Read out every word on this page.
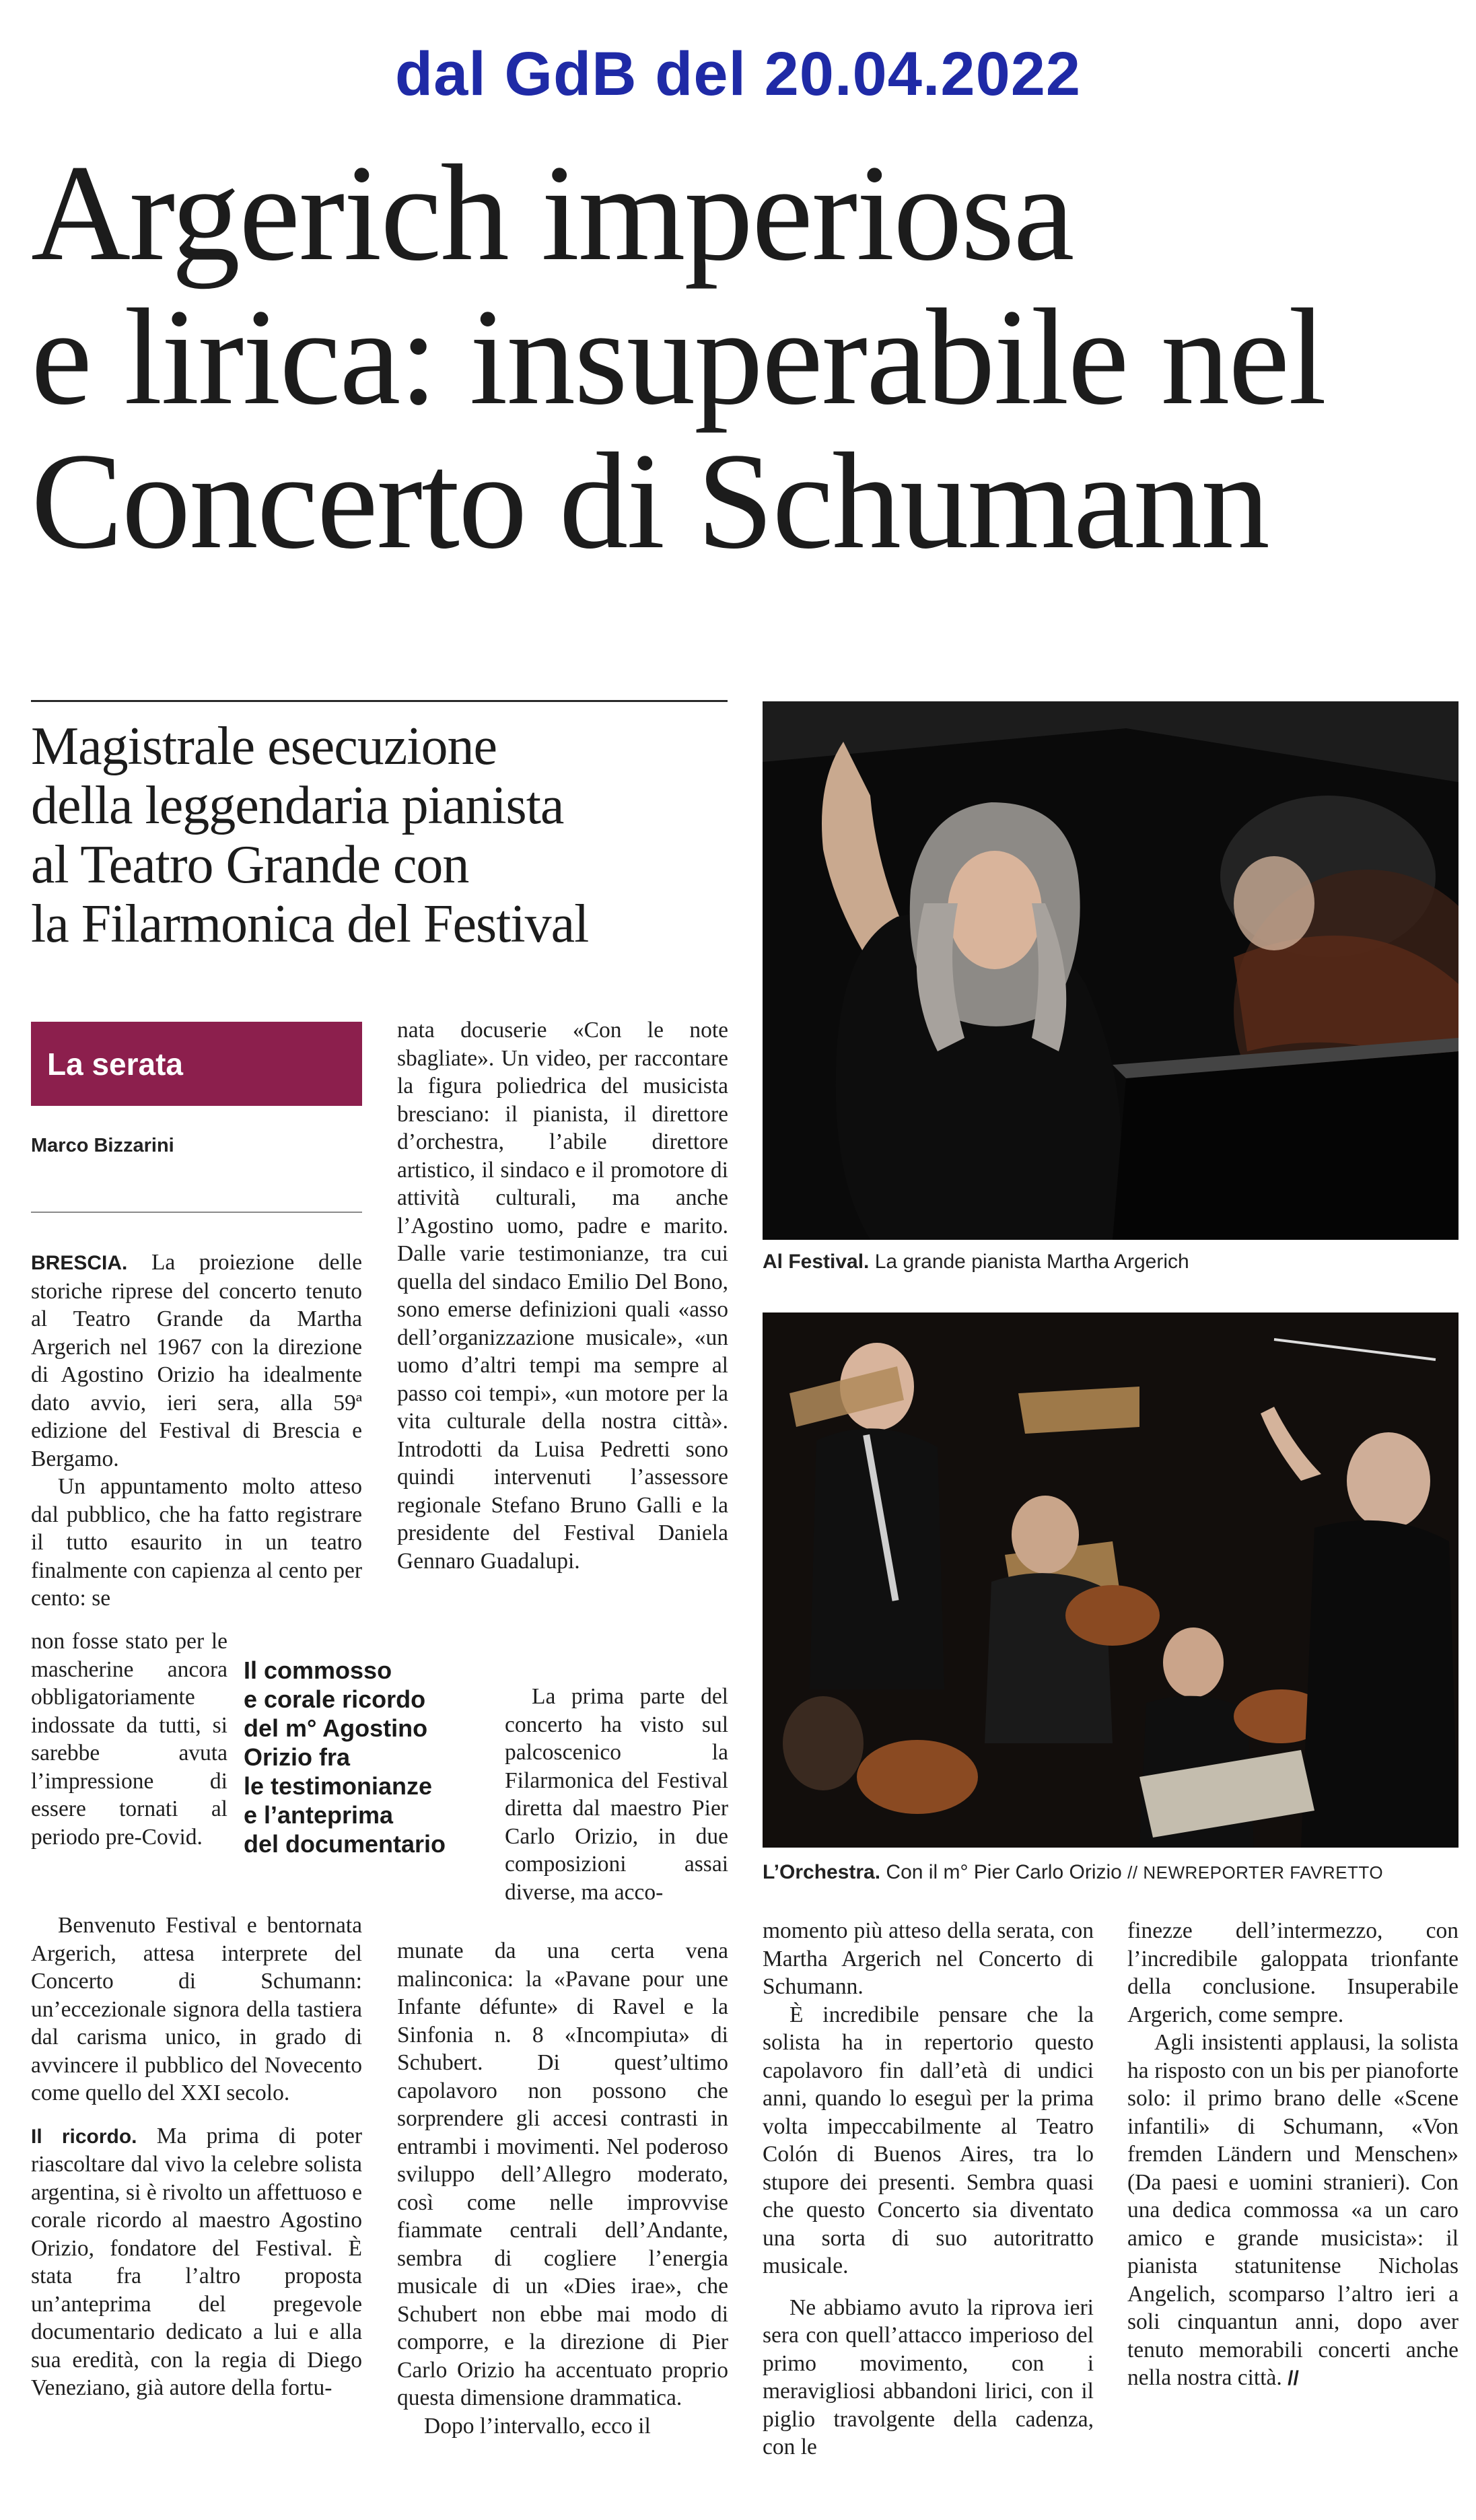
dal GdB del 20.04.2022
Argerich imperiosa
e lirica: insuperabile nel
Concerto di Schumann
Magistrale esecuzione
della leggendaria pianista
al Teatro Grande con
la Filarmonica del Festival
La serata
Marco Bizzarini

BRESCIA. La proiezione delle storiche riprese del concerto tenuto al Teatro Grande da Martha Argerich nel 1967 con la direzione di Agostino Orizio ha idealmente dato avvio, ieri sera, alla 59ª edizione del Festival di Brescia e Bergamo.

Un appuntamento molto atteso dal pubblico, che ha fatto registrare il tutto esaurito in un teatro finalmente con capienza al cento per cento: se

non fosse stato per le mascherine ancora obbligatoriamente indossate da tutti, si sarebbe avuta l’impressione di essere tornati al periodo pre-Covid.

Benvenuto Festival e bentornata Argerich, attesa interprete del Concerto di Schumann: un’eccezionale signora della tastiera dal carisma unico, in grado di avvincere il pubblico del Novecento come quello del XXI secolo.

Il ricordo. Ma prima di poter riascoltare dal vivo la celebre solista argentina, si è rivolto un affettuoso e corale ricordo al maestro Agostino Orizio, fondatore del Festival. È stata fra l’altro proposta un’anteprima del pregevole documentario dedicato a lui e alla sua eredità, con la regia di Diego Veneziano, già autore della fortu-

Il commosso
e corale ricordo
del m° Agostino
Orizio fra
le testimonianze
e l’anteprima
del documentario

nata docuserie «Con le note sbagliate». Un video, per raccontare la figura poliedrica del musicista bresciano: il pianista, il direttore d’orchestra, l’abile direttore artistico, il sindaco e il promotore di attività culturali, ma anche l’Agostino uomo, padre e marito. Dalle varie testimonianze, tra cui quella del sindaco Emilio Del Bono, sono emerse definizioni quali «asso dell’organizzazione musicale», «un uomo d’altri tempi ma sempre al passo coi tempi», «un motore per la vita culturale della nostra città». Introdotti da Luisa Pedretti sono quindi intervenuti l’assessore regionale Stefano Bruno Galli e la presidente del Festival Daniela Gennaro Guadalupi.

La prima parte del concerto ha visto sul palcoscenico la Filarmonica del Festival diretta dal maestro Pier Carlo Orizio, in due composizioni assai diverse, ma acco-

munate da una certa vena malinconica: la «Pavane pour une Infante défunte» di Ravel e la Sinfonia n. 8 «Incompiuta» di Schubert. Di quest’ultimo capolavoro non possono che sorprendere gli accesi contrasti in entrambi i movimenti. Nel poderoso sviluppo dell’Allegro moderato, così come nelle improvvise fiammate centrali dell’Andante, sembra di cogliere l’energia musicale di un «Dies irae», che Schubert non ebbe mai modo di comporre, e la direzione di Pier Carlo Orizio ha accentuato proprio questa dimensione drammatica.

Dopo l’intervallo, ecco il

Al Festival. La grande pianista Martha Argerich
L’Orchestra. Con il m° Pier Carlo Orizio // NEWREPORTER FAVRETTO

momento più atteso della serata, con Martha Argerich nel Concerto di Schumann.

È incredibile pensare che la solista ha in repertorio questo capolavoro fin dall’età di undici anni, quando lo eseguì per la prima volta impeccabilmente al Teatro Colón di Buenos Aires, tra lo stupore dei presenti. Sembra quasi che questo Concerto sia diventato una sorta di suo autoritratto musicale.

Ne abbiamo avuto la riprova ieri sera con quell’attacco imperioso del primo movimento, con i meravigliosi abbandoni lirici, con il piglio travolgente della cadenza, con le

finezze dell’intermezzo, con l’incredibile galoppata trionfante della conclusione. Insuperabile Argerich, come sempre.

Agli insistenti applausi, la solista ha risposto con un bis per pianoforte solo: il primo brano delle «Scene infantili» di Schumann, «Von fremden Ländern und Menschen» (Da paesi e uomini stranieri). Con una dedica commossa «a un caro amico e grande musicista»: il pianista statunitense Nicholas Angelich, scomparso l’altro ieri a soli cinquantun anni, dopo aver tenuto memorabili concerti anche nella nostra città. //
